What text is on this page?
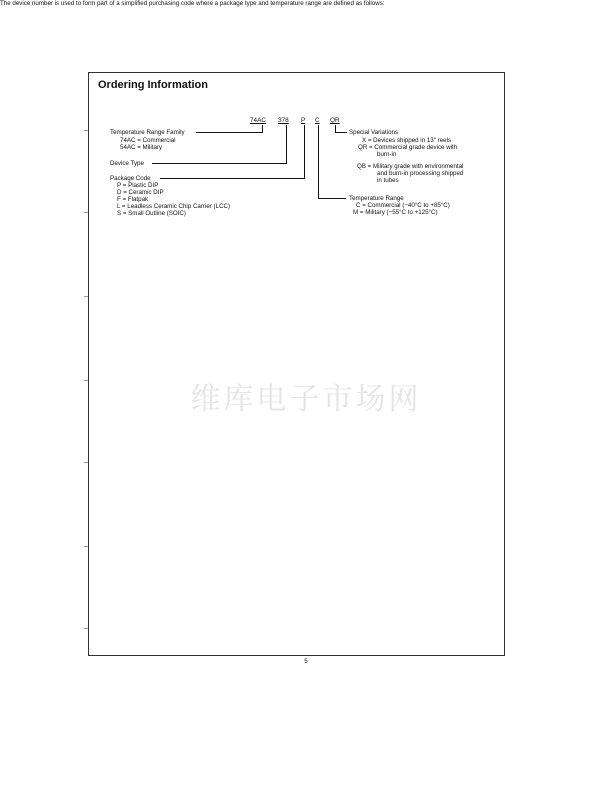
Ordering Information
The device number is used to form part of a simplified purchasing code where a package type and temperature range are defined as follows:
74AC 378 P C QR
Temperature Range Family
74AC = Commercial
54AC = Military
Device Type
Package Code
P = Plastic DIP
D = Ceramic DIP
F = Flatpak
L = Leadless Ceramic Chip Carrier (LCC)
S = Small Outline (SOIC)
Special Variations
X = Devices shipped in 13" reels
QR = Commercial grade device with
burn-in
QB = Military grade with environmental
and burn-in processing shipped
in tubes
Temperature Range
C = Commercial (−40°C to +85°C)
M = Military (−55°C to +125°C)
维库电子市场网
5
